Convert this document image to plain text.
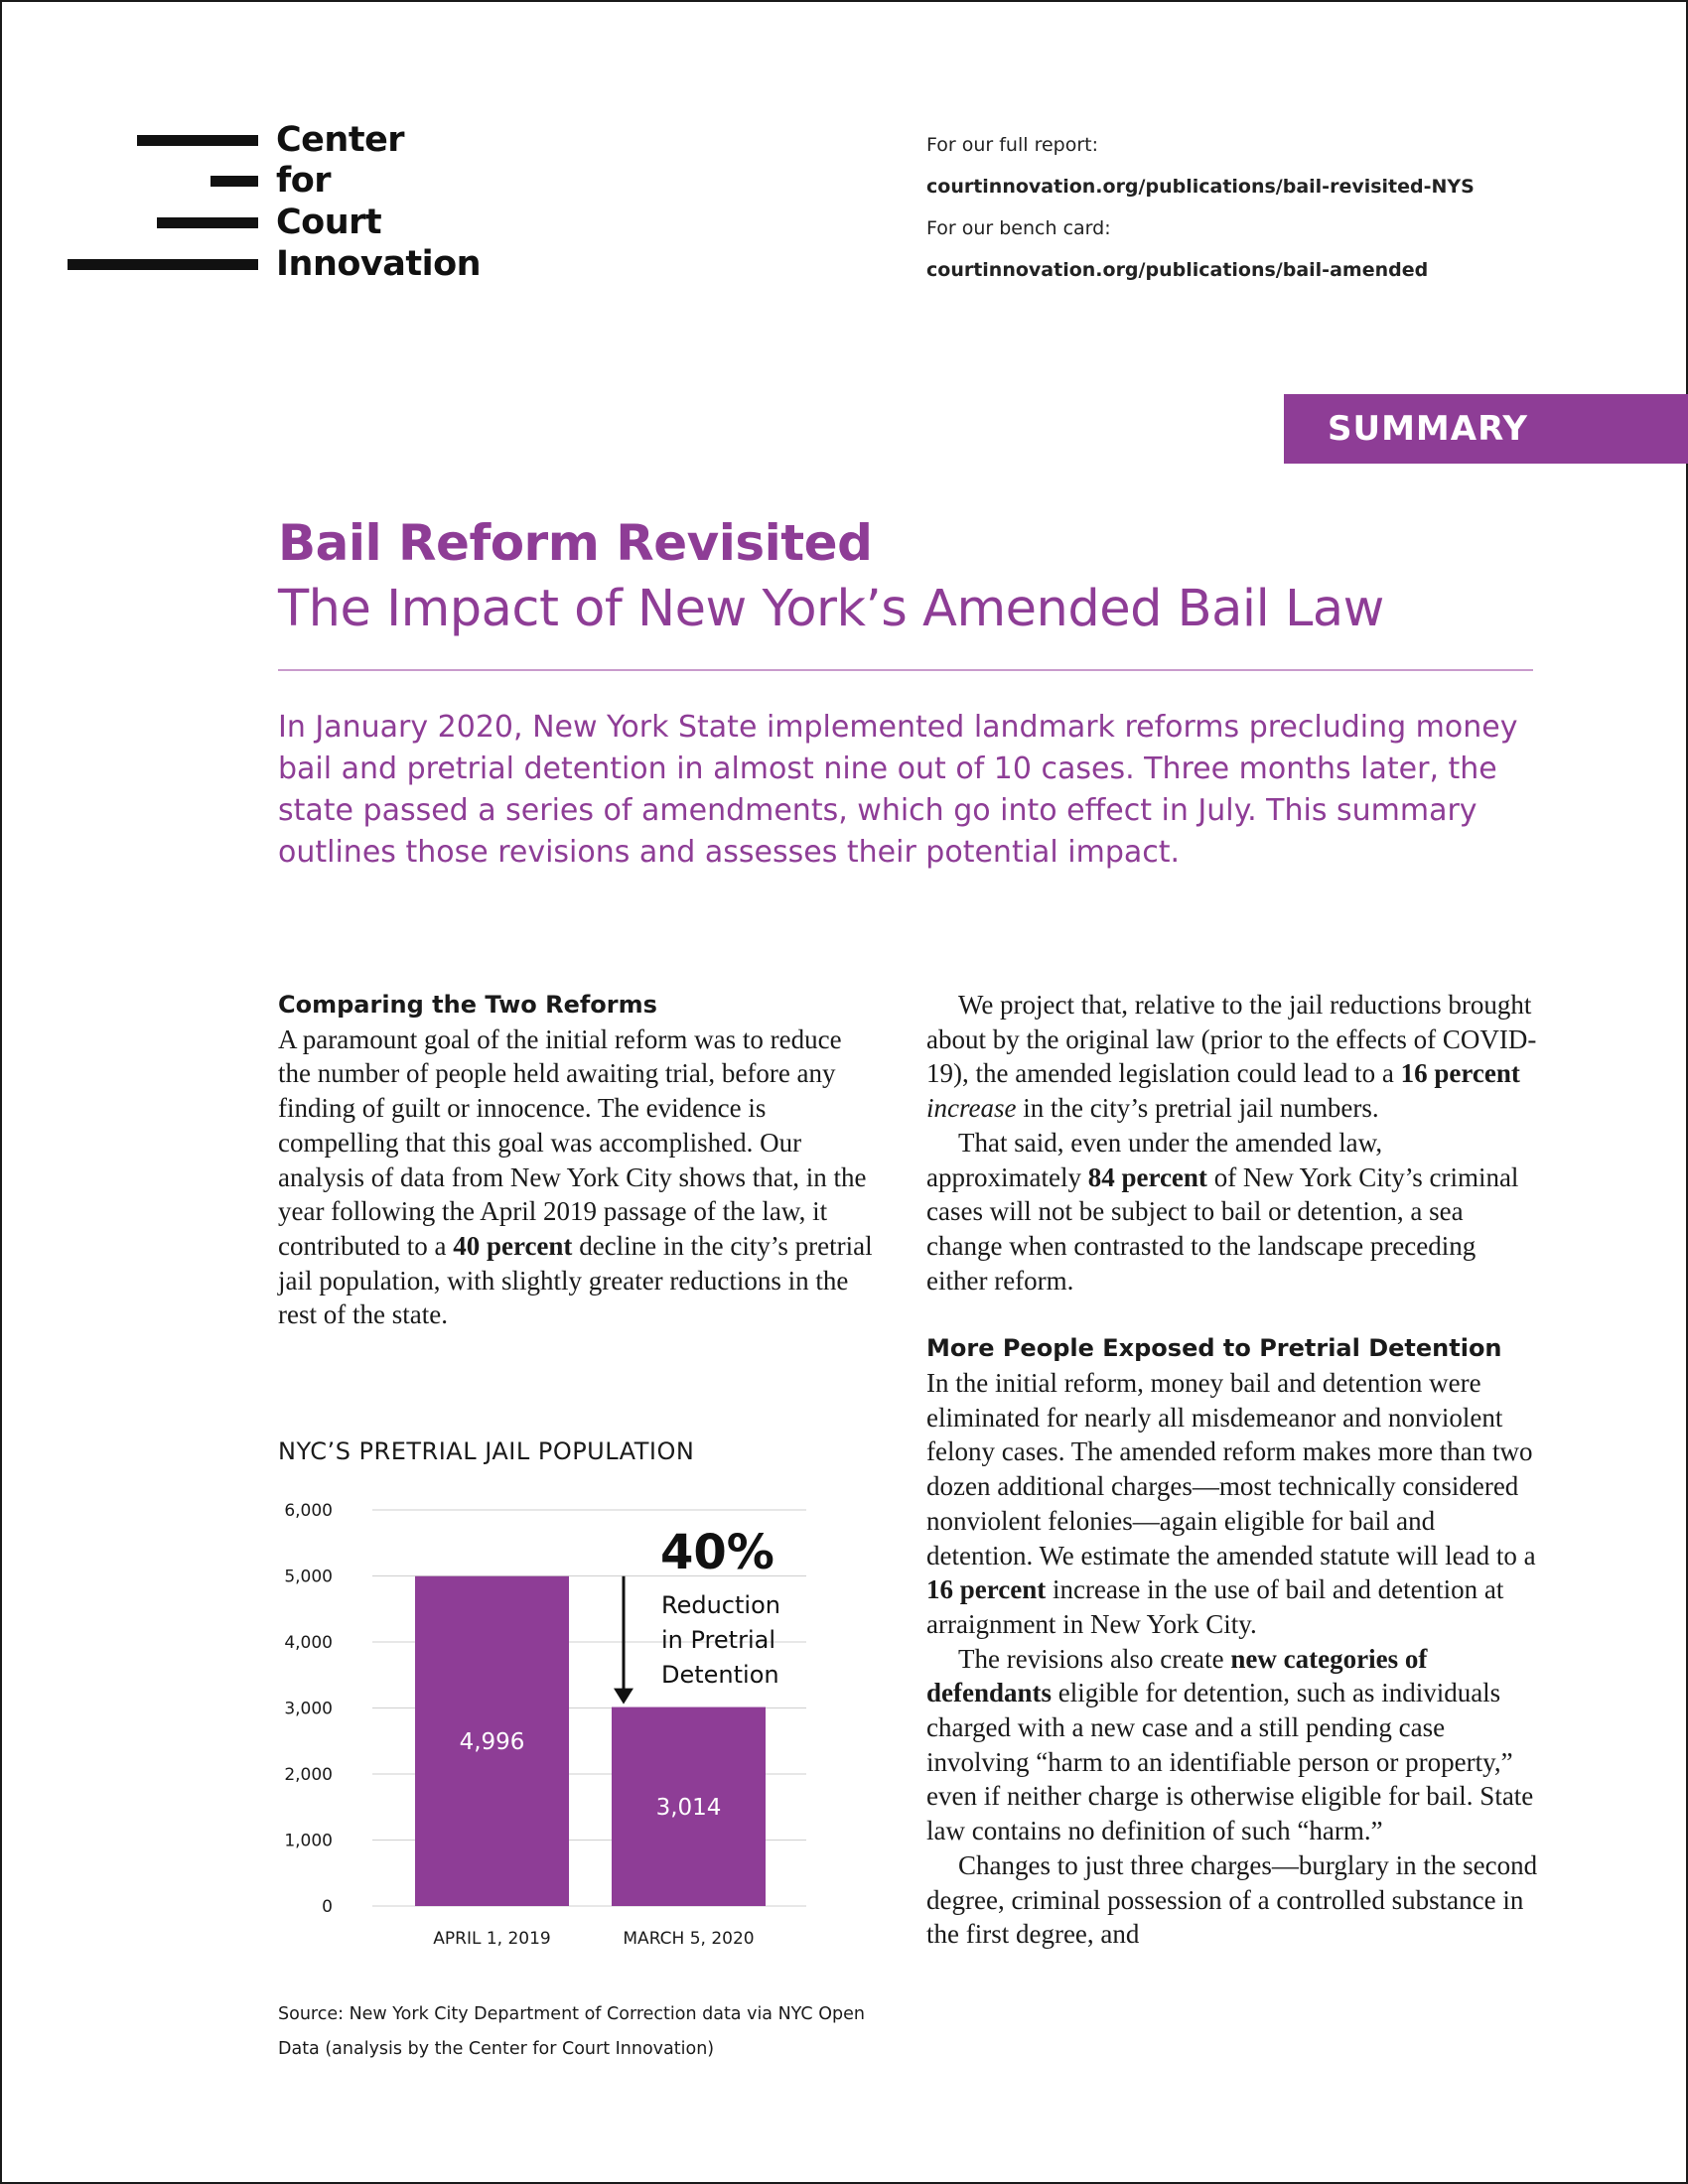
Center
for
Court
Innovation
For our full report:
courtinnovation.org/publications/bail-revisited-NYS
For our bench card:
courtinnovation.org/publications/bail-amended
SUMMARY
Bail Reform Revisited
The Impact of New York’s Amended Bail Law
In January 2020, New York State implemented landmark reforms precluding money bail and pretrial detention in almost nine out of 10 cases. Three months later, the state passed a series of amendments, which go into effect in July. This summary outlines those revisions and assesses their potential impact.
Comparing the Two Reforms

A paramount goal of the initial reform was to reduce the number of people held awaiting trial, before any finding of guilt or innocence. The evidence is compelling that this goal was accomplished. Our analysis of data from New York City shows that, in the year following the April 2019 passage of the law, it contributed to a 40 percent decline in the city’s pretrial jail population, with slightly greater reductions in the rest of the state.

We project that, relative to the jail reductions brought about by the original law (prior to the effects of COVID-19), the amended legislation could lead to a 16 percent increase in the city’s pretrial jail numbers.

That said, even under the amended law, approximately 84 percent of New York City’s criminal cases will not be subject to bail or detention, a sea change when contrasted to the landscape preceding either reform.

More People Exposed to Pretrial Detention

In the initial reform, money bail and detention were eliminated for nearly all misdemeanor and nonviolent felony cases. The amended reform makes more than two dozen additional charges—most technically considered nonviolent felonies—again eligible for bail and detention. We estimate the amended statute will lead to a 16 percent increase in the use of bail and detention at arraignment in New York City.

The revisions also create new categories of defendants eligible for detention, such as individuals charged with a new case and a still pending case involving “harm to an identifiable person or property,” even if neither charge is otherwise eligible for bail. State law contains no definition of such “harm.”

Changes to just three charges—burglary in the second degree, criminal possession of a controlled substance in the first degree, and

NYC’S PRETRIAL JAIL POPULATION
0
1,000
2,000
3,000
4,000
5,000
6,000
4,996
APRIL 1, 2019
3,014
MARCH 5, 2020
40%
Reduction
in Pretrial
Detention
Source: New York City Department of Correction data via NYC Open Data (analysis by the Center for Court Innovation)
